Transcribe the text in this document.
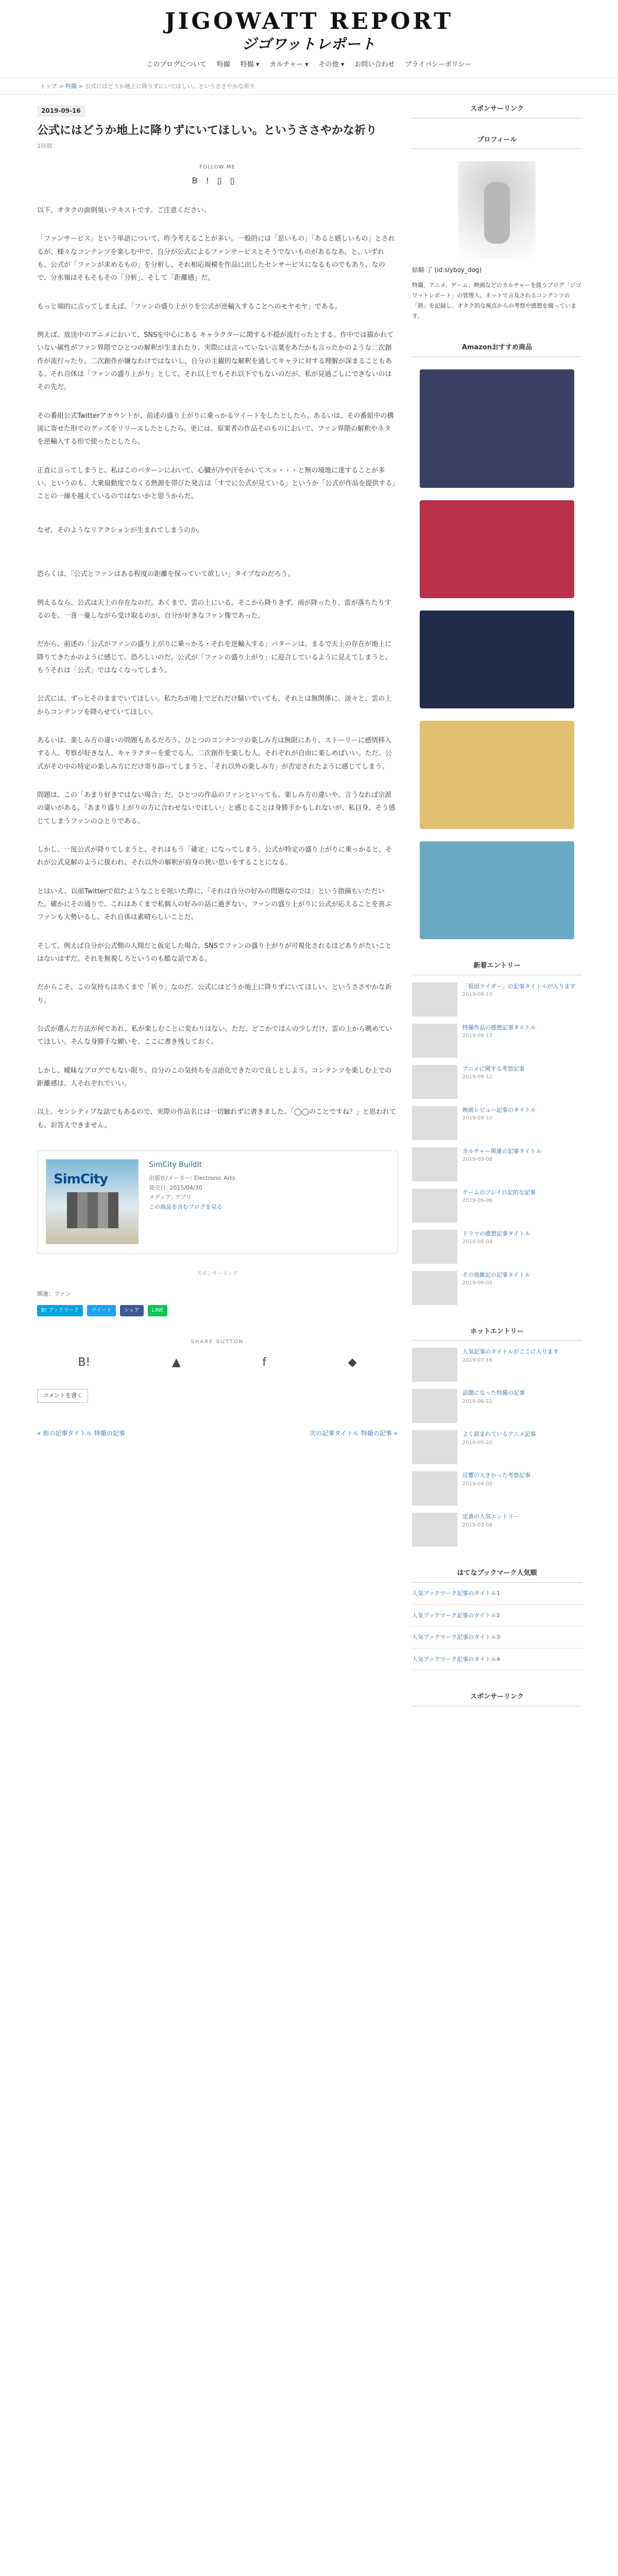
JIGOWATT REPORT
ジゴワットレポート
このブログについて 特撮 特撮 ▾ カルチャー ▾ その他 ▾ お問い合わせ プライバシーポリシー
トップ > 特撮 > 公式にはどうか地上に降りずにいてほしい。というささやかな祈り
2019-09-16
公式にはどうか地上に降りずにいてほしい。というささやかな祈り
1時間
FOLLOW ME
B!▯▯

以下、オタクの面倒臭いテキストです。ご注意ください。

「ファンサービス」という単語について、昨今考えることが多い。一般的には「思いもの」「あると嬉しいもの」とされるが、様々なコンテンツを楽しむ中で、自分が公式によるファンサービスとそうでないものがあるなあ、と。いずれも、公式が「ファンが求めるもの」を分析し、それ相応規模を作品に出したセンサービスになるものでもあり、なので、分水嶺はそもそもその「分析」、そして「距離感」だ。

もっと端的に言ってしまえば、「ファンの盛り上がりを公式が逆輸入することへのモヤモヤ」である。

例えば、放送中のアニメにおいて、SNSを中心にある キャラクターに関する不穏が流行ったとする。作中では描かれていない属性がファン界隈でひとつの解釈が生まれたり、実際には言っていない言葉をあたかも言ったかのような二次創作が流行ったり。二次創作が嫌なわけではないし、自分の主観的な解釈を通してキャラに対する理解が深まることもある。それ自体は「ファンの盛り上がり」として、それ以上でもそれ以下でもないのだが、私が見過ごしにできないのはその先だ。

その番組公式Twitterアカウントが、前述の盛り上がりに乗っかるツイートをしたとしたら。あるいは、その番組中の構図に寄せた形でのグッズをリリースしたとしたら。更には、原案者の作品そのものにおいて、ファン界隈の解釈やネタを逆輸入する形で使ったとしたら。

正直に言ってしまうと、私はこのパターンにおいて、心臓が冷や汗をかいてスッ・・・と無の境地に達することが多い。というのも、大衆扇動度でなくる熱源を帯びた発言は「すでに公式が見ている」というか「公式が作品を提供する」ことの一線を越えているのではないかと思うからだ。

なぜ、そのようなリアクションが生まれてしまうのか。

恐らくは、「公式とファンはある程度の距離を保っていて欲しい」タイプなのだろう。

例えるなら、公式は天上の存在なのだ。あくまで、雲の上にいる。そこから降りきず、雨が降ったり、雷が落ちたりするのを、一喜一憂しながら受け取るのが、自分が好きなファン像であった。

だから、前述の「公式がファンの盛り上がりに乗っかる・それを逆輸入する」パターンは、まるで天上の存在が地上に降りてきたかのように感じて、恐ろしいのだ。公式が「ファンの盛り上がり」に迎合しているように見えてしまうと、もうそれは「公式」ではなくなってしまう。

公式には、ずっとそのままでいてほしい。私たちが地上でどれだけ騒いでいても、それとは無関係に、淡々と、雲の上からコンテンツを降らせていてほしい。

あるいは、楽しみ方の違いの問題もあるだろう。ひとつのコンテンツの楽しみ方は無限にあり、ストーリーに感情移入する人、考察が好きな人、キャラクターを愛でる人、二次創作を楽しむ人。それぞれが自由に楽しめばいい。ただ、公式がその中の特定の楽しみ方にだけ寄り添ってしまうと、「それ以外の楽しみ方」が否定されたように感じてしまう。

問題は、この「あまり好きではない場合」だ。ひとつの作品のファンといっても、楽しみ方の違いや、言うなれば宗派の違いがある。「あまり盛り上がりの方に合わせないでほしい」と感じることは身勝手かもしれないが、私自身、そう感じてしまうファンのひとりである。

しかし、一度公式が降りてしまうと、それはもう「確定」になってしまう。公式が特定の盛り上がりに乗っかると、それが公式見解のように扱われ、それ以外の解釈が肩身の狭い思いをすることになる。

とはいえ、以前Twitterで似たようなことを呟いた際に、「それは自分の好みの問題なのでは」という指摘もいただいた。確かにその通りで、これはあくまで私個人の好みの話に過ぎない。ファンの盛り上がりに公式が応えることを喜ぶファンも大勢いるし、それ自体は素晴らしいことだ。

そして、例えば自分が公式側の人間だと仮定した場合、SNSでファンの盛り上がりが可視化されるほどありがたいことはないはずだ。それを無視しろというのも酷な話である。

だからこそ、この気持ちはあくまで「祈り」なのだ。公式にはどうか地上に降りずにいてほしい、というささやかな祈り。

公式が選んだ方法が何であれ、私が楽しむことに変わりはない。ただ、どこかでほんの少しだけ、雲の上から眺めていてほしい。そんな身勝手な願いを、ここに書き残しておく。

しかし、曖昧なブログでもない限り、自分のこの気持ちを言語化できたので良しとしよう。コンテンツを楽しむ上での距離感は、人それぞれでいい。

以上、センシティブな話でもあるので、実際の作品名には一切触れずに書きました。「◯◯のことですね？」と思われても、お答えできません。

SimCity
SimCity BuildIt
出版社/メーカー: Electronic Arts
発売日: 2015/04/30
メディア: アプリ
この商品を含むブログを見る
スポンサーリンク
関連：ファン
B! ブックマーク	ツイート	シェア	LINE
SHARE BUTTON
B!	▲	f	◆
コメントを書く
« 前の記事タイトル 特撮の記事	次の記事タイトル 特撮の記事 »
スポンサーリンク
プロフィール
結騎 了 (id:slyboy_dog)
特撮、アニメ、ゲーム、映画などのカルチャーを扱うブログ「ジゴワットレポート」の管理人。ネットで言及されるコンテンツの「熱」を記録し、オタク的な視点からの考察や感想を綴っています。
Amazonおすすめ商品
新着エントリー
「仮面ライダー」の記事タイトルが入ります
2019-09-15
特撮作品の感想記事タイトル
2019-09-13
アニメに関する考察記事
2019-09-12
映画レビュー記事のタイトル
2019-09-10
カルチャー関連の記事タイトル
2019-09-08
ゲームのプレイ日記的な記事
2019-09-06
ドラマの感想記事タイトル
2019-09-04
その他雑記の記事タイトル
2019-09-02
ホットエントリー
人気記事のタイトルがここに入ります
2019-07-16
話題になった特撮の記事
2019-06-11
よく読まれているアニメ記事
2019-05-20
反響の大きかった考察記事
2019-04-02
定番の人気エントリー
2019-03-08
はてなブックマーク人気順
人気ブックマーク記事のタイトル1
人気ブックマーク記事のタイトル2
人気ブックマーク記事のタイトル3
人気ブックマーク記事のタイトル4
スポンサーリンク
